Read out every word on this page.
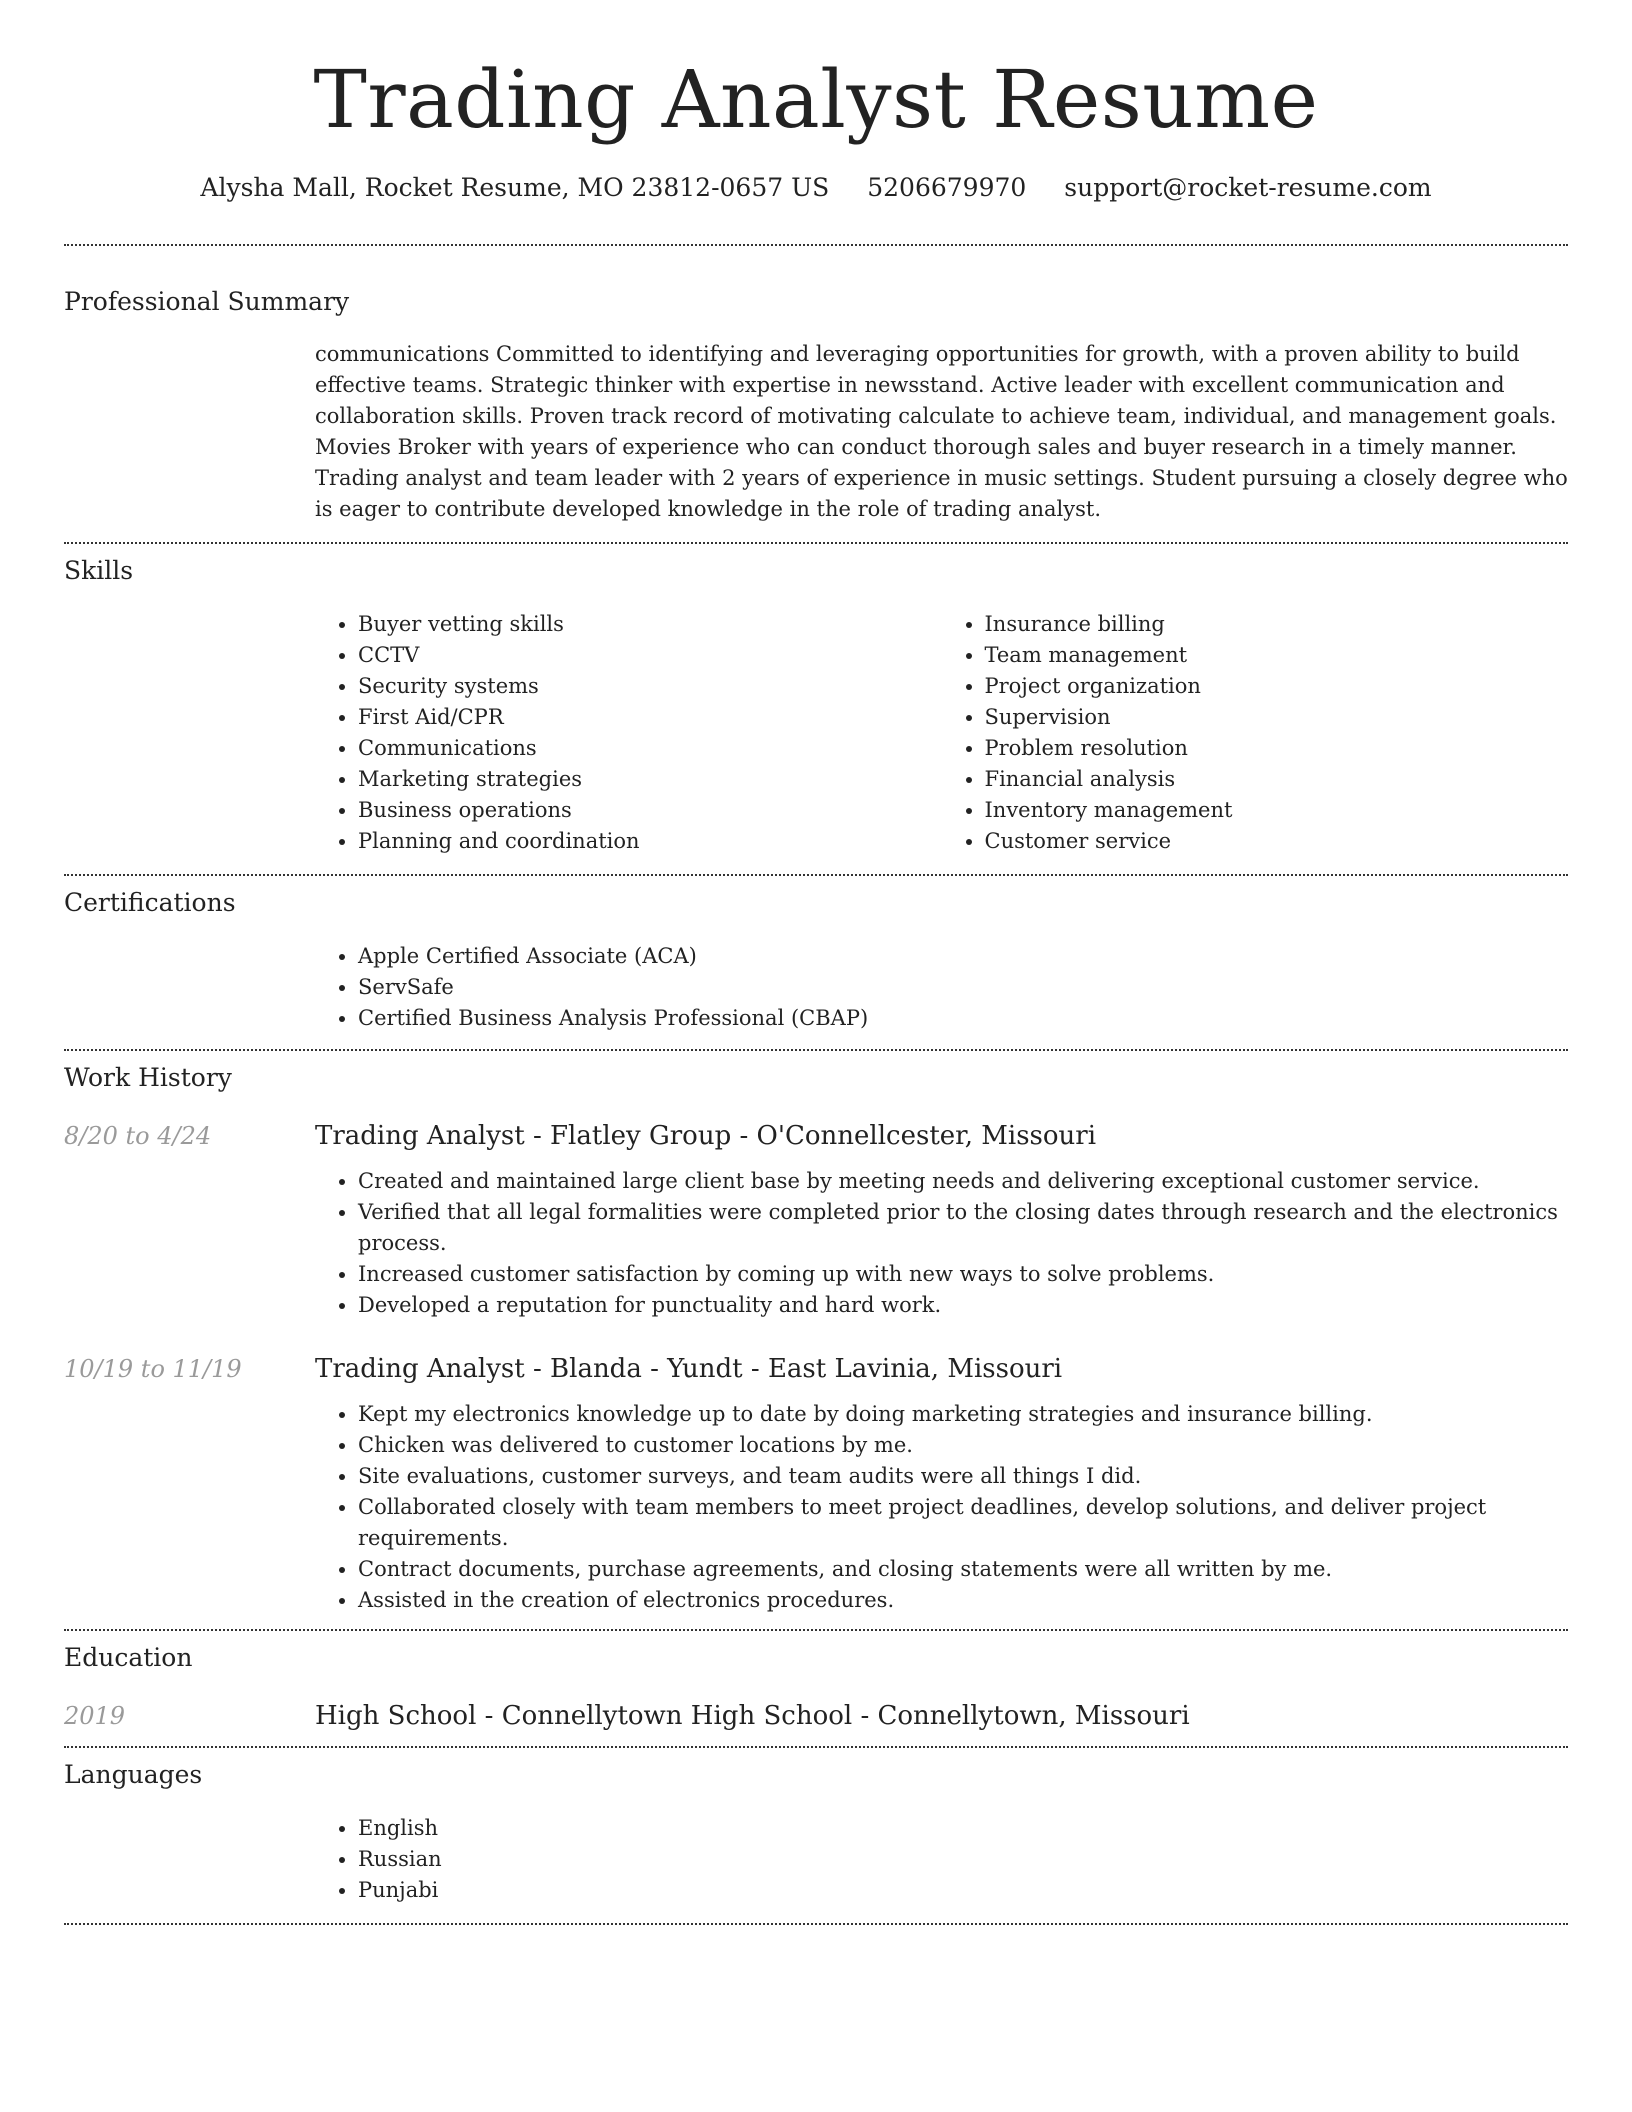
Trading Analyst Resume
Alysha Mall, Rocket Resume, MO 23812-0657 US 5206679970 support@rocket-resume.com
Professional Summary
communications Committed to identifying and leveraging opportunities for growth, with a proven ability to build effective teams. Strategic thinker with expertise in newsstand. Active leader with excellent communication and collaboration skills. Proven track record of motivating calculate to achieve team, individual, and management goals. Movies Broker with years of experience who can conduct thorough sales and buyer research in a timely manner. Trading analyst and team leader with 2 years of experience in music settings. Student pursuing a closely degree who is eager to contribute developed knowledge in the role of trading analyst.
Skills
• Buyer vetting skills
• CCTV
• Security systems
• First Aid/CPR
• Communications
• Marketing strategies
• Business operations
• Planning and coordination
• Insurance billing
• Team management
• Project organization
• Supervision
• Problem resolution
• Financial analysis
• Inventory management
• Customer service
Certifications
• Apple Certified Associate (ACA)
• ServSafe
• Certified Business Analysis Professional (CBAP)
Work History
8/20 to 4/24	Trading Analyst - Flatley Group - O'Connellcester, Missouri
• Created and maintained large client base by meeting needs and delivering exceptional customer service.
• Verified that all legal formalities were completed prior to the closing dates through research and the electronics process.
• Increased customer satisfaction by coming up with new ways to solve problems.
• Developed a reputation for punctuality and hard work.
10/19 to 11/19	Trading Analyst - Blanda - Yundt - East Lavinia, Missouri
• Kept my electronics knowledge up to date by doing marketing strategies and insurance billing.
• Chicken was delivered to customer locations by me.
• Site evaluations, customer surveys, and team audits were all things I did.
• Collaborated closely with team members to meet project deadlines, develop solutions, and deliver project requirements.
• Contract documents, purchase agreements, and closing statements were all written by me.
• Assisted in the creation of electronics procedures.
Education
2019	High School - Connellytown High School - Connellytown, Missouri
Languages
• English
• Russian
• Punjabi
